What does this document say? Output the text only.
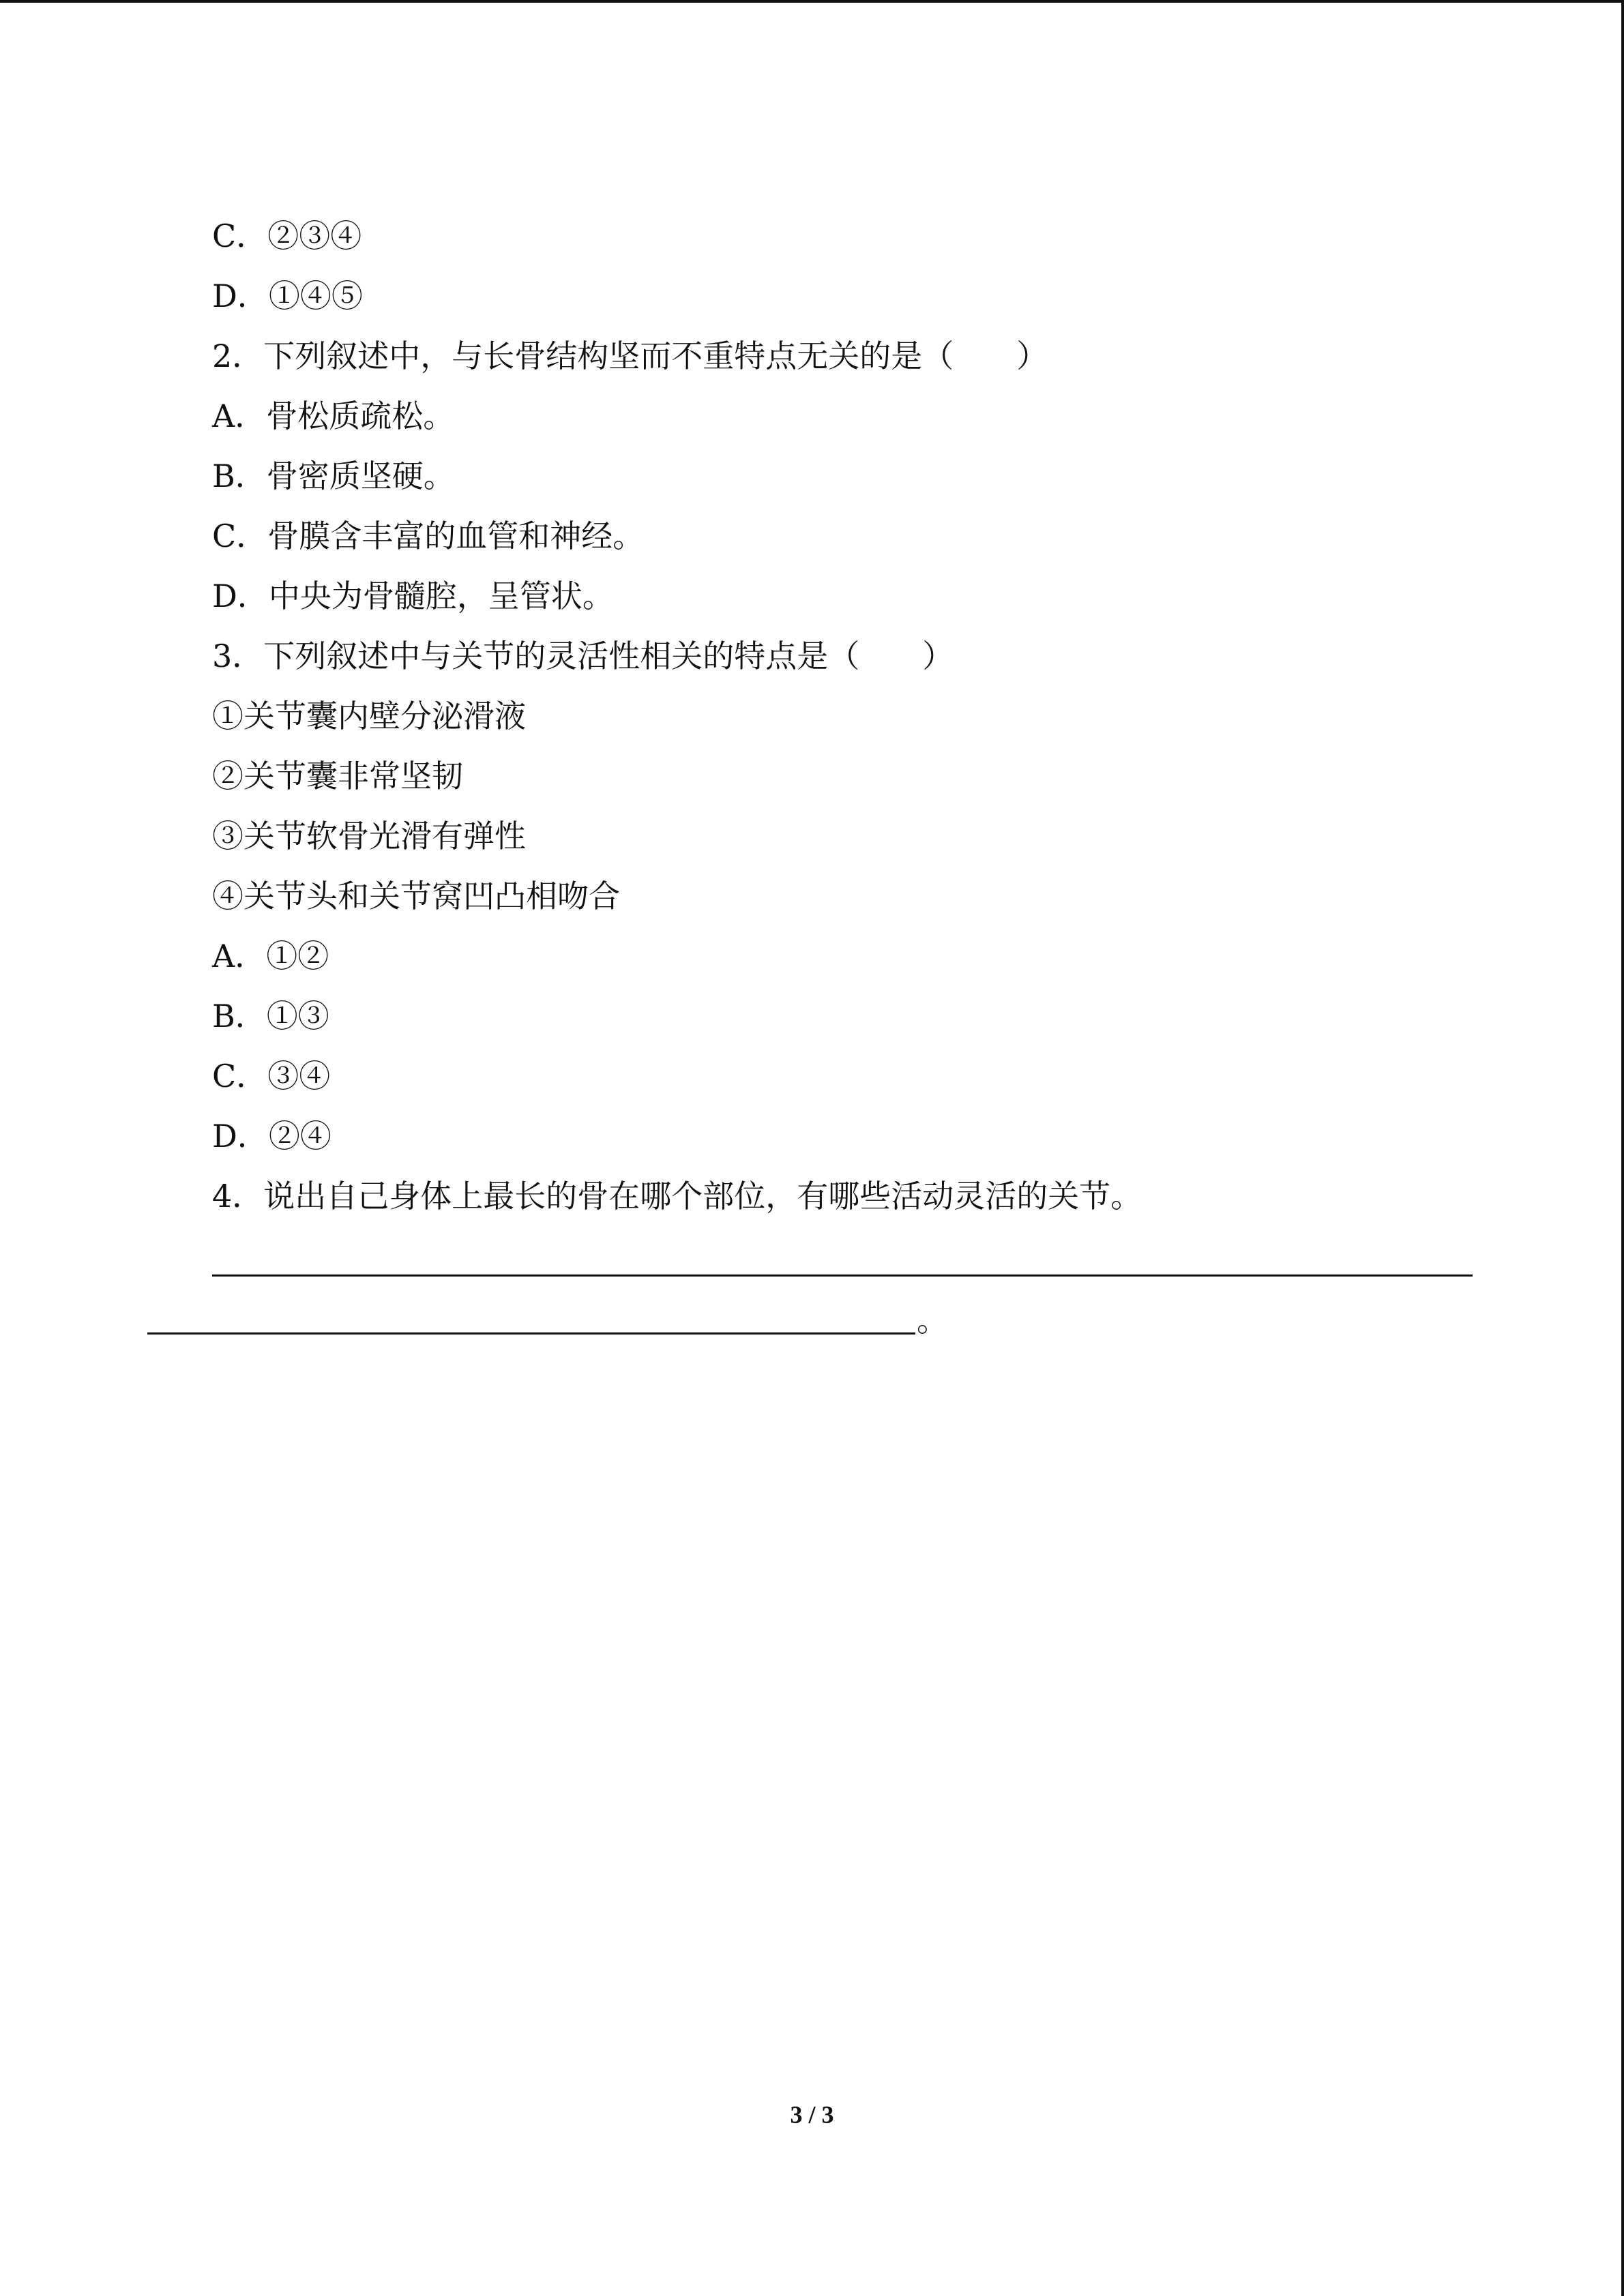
C．②③④
D．①④⑤
2．下列叙述中，与长骨结构坚而不重特点无关的是（　　）
A．骨松质疏松。
B．骨密质坚硬。
C．骨膜含丰富的血管和神经。
D．中央为骨髓腔，呈管状。
3．下列叙述中与关节的灵活性相关的特点是（　　）
①关节囊内壁分泌滑液
②关节囊非常坚韧
③关节软骨光滑有弹性
④关节头和关节窝凹凸相吻合
A．①②
B．①③
C．③④
D．②④
4．说出自己身体上最长的骨在哪个部位，有哪些活动灵活的关节。
。
3 / 3
